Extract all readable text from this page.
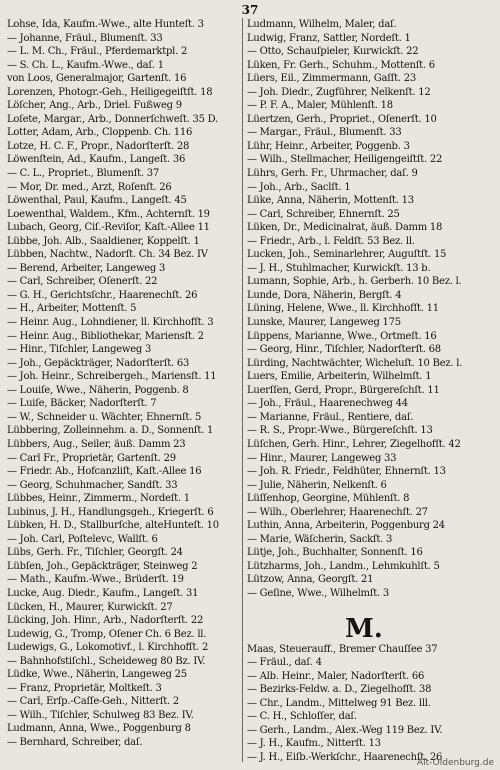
37
Lohse, Ida, Kaufm.-Wwe., alte Hunteſt. 3
— Johanne, Fräul., Blumenſt. 33
— L. M. Ch., Fräul., Pferdemarktpl. 2
— S. Ch. L., Kaufm.-Wwe., daſ. 1
von Loos, Generalmajor, Gartenſt. 16
Lorenzen, Photogr.-Geh., Heiligegeiſtſt. 18
Löſcher, Ang., Arb., Driel. Fußweg 9
Loſete, Margar., Arb., Donnerſchweſt. 35 D.
Lotter, Adam, Arb., Cloppenb. Ch. 116
Lotze, H. C. F., Propr., Nadorſterſt. 28
Löwenſtein, Ad., Kaufm., Langeſt. 36
— C. L., Propriet., Blumenſt. 37
— Mor, Dr. med., Arzt, Roſenſt. 26
Löwenthal, Paul, Kaufm., Langeſt. 45
Loewenthal, Waldem., Kfm., Achternſt. 19
Lubach, Georg, Ciſ.-Reviſor, Kaſt.-Allee 11
Lübbe, Joh. Alb., Saaldiener, Koppelſt. 1
Lübben, Nachtw., Nadorſt. Ch. 34 Bez. IV
— Berend, Arbeiter, Langeweg 3
— Carl, Schreiber, Oſenerſt. 22
— G. H., Gerichtsſchr., Haarenechſt. 26
— H., Arbeiter, Mottenſt. 5
— Heinr. Aug., Lohndiener, ll. Kirchhofſt. 3
— Heinr. Aug., Bibliothekar, Mariensſt. 2
— Hinr., Tiſchler, Langeweg 3
— Joh., Gepäckträger, Nadorſterſt. 63
— Joh. Heinr., Schreibergeh., Mariensſt. 11
— Louiſe, Wwe., Näherin, Poggenb. 8
— Luiſe, Bäcker, Nadorſterſt. 7
— W., Schneider u. Wächter, Ehnernſt. 5
Lübbering, Zolleinnehm. a. D., Sonnenſt. 1
Lübbers, Aug., Seiler, äuß. Damm 23
— Carl Fr., Proprietär, Gartenſt. 29
— Friedr. Ab., Hofcanzliſt, Kaſt.-Allee 16
— Georg, Schuhmacher, Sandſt. 33
Lübbes, Heinr., Zimmerm., Nordeſt. 1
Lubinus, J. H., Handlungsgeh., Kriegerſt. 6
Lübken, H. D., Stallburſche, alteHunteſt. 10
— Joh. Carl, Poſtelevc, Wallſt. 6
Lübs, Gerh. Fr., Tiſchler, Georgſt. 24
Lübſen, Joh., Gepäckträger, Steinweg 2
— Math., Kaufm.-Wwe., Brüderſt. 19
Lucke, Aug. Diedr., Kaufm., Langeſt. 31
Lücken, H., Maurer, Kurwickſt. 27
Lücking, Joh. Hinr., Arb., Nadorſterſt. 22
Ludewig, G., Tromp, Oſener Ch. 6 Bez. ll.
Ludewigs, G., Lokomotivf., l. Kirchhofſt. 2
— Bahnhofstiſchl., Scheideweg 80 Bz. IV.
Lüdke, Wwe., Näherin, Langeweg 25
— Franz, Proprietär, Moltkeſt. 3
— Carl, Erſp.-Caſſe-Geh., Nitterſt. 2
— Wilh., Tiſchler, Schulweg 83 Bez. IV.
Ludmann, Anna, Wwe., Poggenburg 8
— Bernhard, Schreiber, daſ.
Ludmann, Wilhelm, Maler, daſ.
Ludwig, Franz, Sattler, Nordeſt. 1
— Otto, Schauſpieler, Kurwickſt. 22
Lüken, Fr. Gerh., Schuhm., Mottenſt. 6
Lüers, Eil., Zimmermann, Gaſſt. 23
— Joh. Diedr., Zugführer, Nelkenſt. 12
— P. F. A., Maler, Mühlenſt. 18
Lüertzen, Gerh., Propriet., Oſenerſt. 10
— Margar., Fräul., Blumenſt. 33
Lühr, Heinr., Arbeiter, Poggenb. 3
— Wilh., Stellmacher, Heiligengeiſtſt. 22
Lührs, Gerh. Fr., Uhrmacher, daſ. 9
— Joh., Arb., Saclſt. 1
Lüke, Anna, Näherin, Mottenſt. 13
— Carl, Schreiber, Ehnernſt. 25
Lüken, Dr., Medicinalrat, äuß. Damm 18
— Friedr., Arb., l. Feldſt. 53 Bez. ll.
Lucken, Joh., Seminarlehrer, Auguſtſt. 15
— J. H., Stuhlmacher, Kurwickſt. 13 b.
Lumann, Sophie, Arb., h. Gerberh. 10 Bez. l.
Lunde, Dora, Näherin, Bergſt. 4
Lüning, Helene, Wwe., ll. Kirchhofſt. 11
Lunske, Maurer, Langeweg 175
Lüppens, Marianne, Wwe., Ortmeſt. 16
— Georg, Hinr., Tiſchler, Nadorſterſt. 68
Lürding, Nachtwächter, Wicheluſt. 10 Bez. l.
Luers, Emilie, Arbeiterin, Wilhelmſt. 1
Luerſſen, Gerd, Propr., Bürgereſchſt. 11
— Joh., Fräul., Haarenechweg 44
— Marianne, Fräul., Rentiere, daſ.
— R. S., Propr.-Wwe., Bürgereſchſt. 13
Lüſchen, Gerh. Hinr., Lehrer, Ziegelhofſt. 42
— Hinr., Maurer, Langeweg 33
— Joh. R. Friedr., Feldhüter, Ehnernſt. 13
— Julie, Näherin, Nelkenſt. 6
Lüſſenhop, Georgine, Mühlenſt. 8
— Wilh., Oberlehrer, Haarenechſt. 27
Luthin, Anna, Arbeiterin, Poggenburg 24
— Marie, Wäſcherin, Sackſt. 3
Lütje, Joh., Buchhalter, Sonnenſt. 16
Lützharms, Joh., Landm., Lehmkuhlſt. 5
Lützow, Anna, Georgſt. 21
— Geſine, Wwe., Wilhelmſt. 3
M.
Maas, Steuerauff., Bremer Chauſſee 37
— Fräul., daſ. 4
— Alb. Heinr., Maler, Nadorſterſt. 66
— Bezirks-Feldw. a. D., Ziegelhofſt. 38
— Chr., Landm., Mittelweg 91 Bez. lll.
— C. H., Schloſſer, daſ.
— Gerh., Landm., Alex.-Weg 119 Bez. IV.
— J. H., Kaufm., Nitterſt. 13
— J. H., Eiſb.-Werkſchr., Haarenechſt. 26
Alt-Oldenburg.de
